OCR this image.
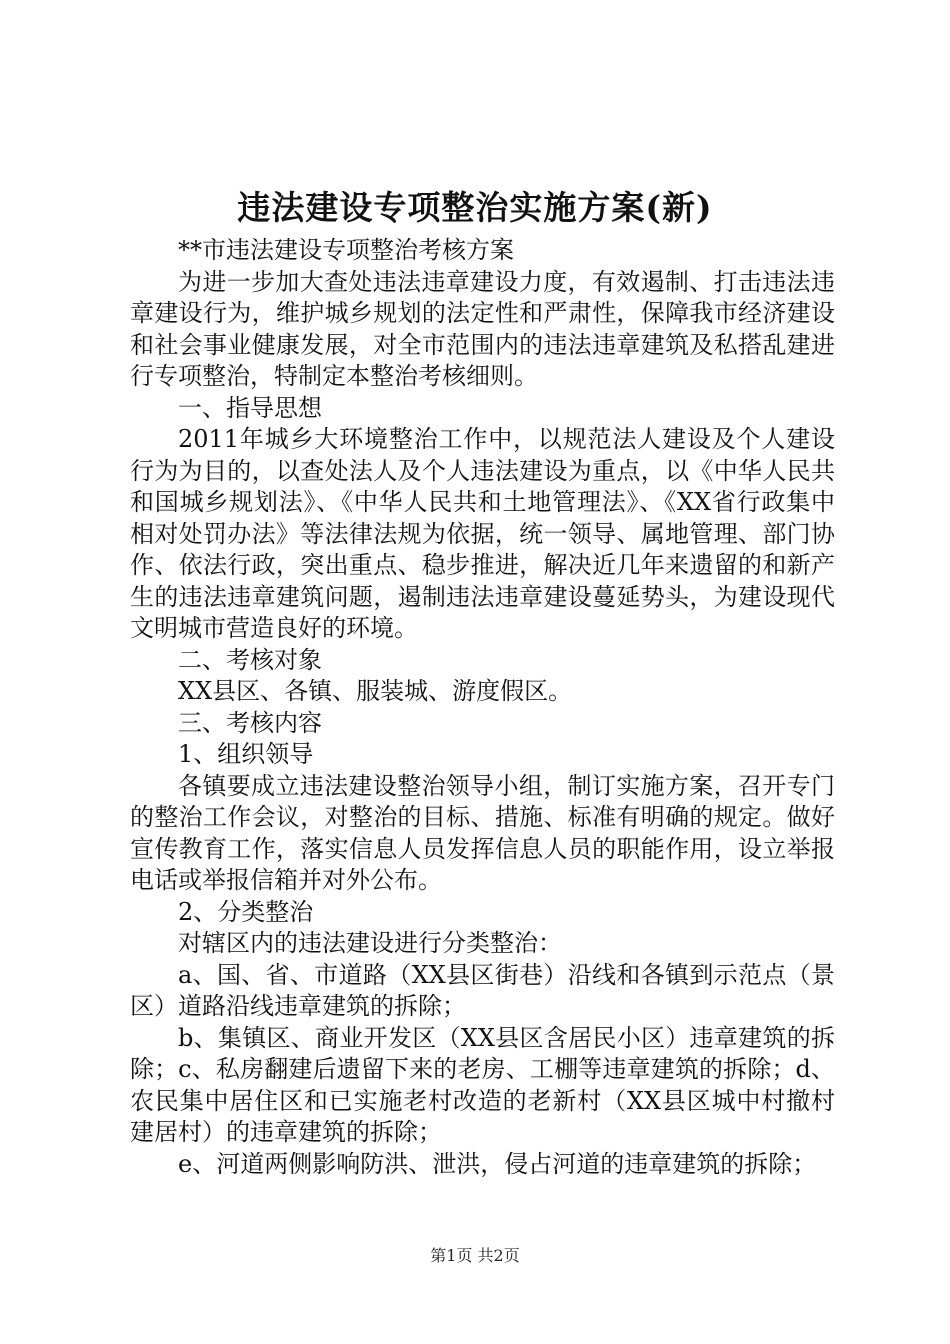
违法建设专项整治实施方案(新)

**市违法建设专项整治考核方案

为进一步加大查处违法违章建设力度，有效遏制、打击违法违章建设行为，维护城乡规划的法定性和严肃性，保障我市经济建设和社会事业健康发展，对全市范围内的违法违章建筑及私搭乱建进行专项整治，特制定本整治考核细则。

一、指导思想

2011年城乡大环境整治工作中，以规范法人建设及个人建设行为为目的，以查处法人及个人违法建设为重点，以《中华人民共和国城乡规划法》、《中华人民共和土地管理法》、《XX省行政集中相对处罚办法》等法律法规为依据，统一领导、属地管理、部门协作、依法行政，突出重点、稳步推进，解决近几年来遗留的和新产生的违法违章建筑问题，遏制违法违章建设蔓延势头，为建设现代文明城市营造良好的环境。

二、考核对象

XX县区、各镇、服装城、游度假区。

三、考核内容

1、组织领导

各镇要成立违法建设整治领导小组，制订实施方案，召开专门的整治工作会议，对整治的目标、措施、标准有明确的规定。做好宣传教育工作，落实信息人员发挥信息人员的职能作用，设立举报电话或举报信箱并对外公布。

2、分类整治

对辖区内的违法建设进行分类整治：

a、国、省、市道路（XX县区街巷）沿线和各镇到示范点（景区）道路沿线违章建筑的拆除；

b、集镇区、商业开发区（XX县区含居民小区）违章建筑的拆除；c、私房翻建后遗留下来的老房、工棚等违章建筑的拆除；d、农民集中居住区和已实施老村改造的老新村（XX县区城中村撤村建居村）的违章建筑的拆除；

e、河道两侧影响防洪、泄洪，侵占河道的违章建筑的拆除；

第1页 共2页
